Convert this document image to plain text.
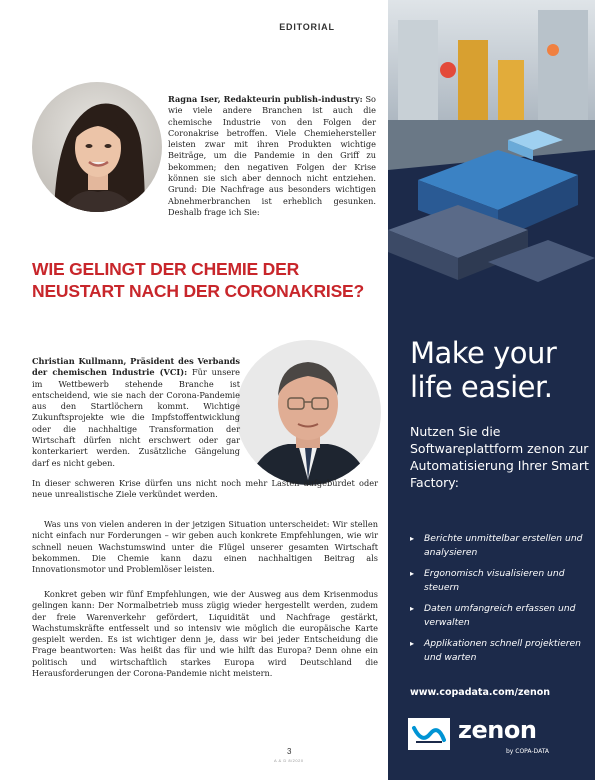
EDITORIAL
Ragna Iser, Redakteurin publish-industry: So wie viele andere Branchen ist auch die chemische Industrie von den Folgen der Coronakrise betroffen. Viele Chemiehersteller leisten zwar mit ihren Produkten wichtige Beiträge, um die Pandemie in den Griff zu bekommen; den negativen Folgen der Krise können sie sich aber dennoch nicht entziehen. Grund: Die Nachfrage aus besonders wichtigen Abnehmerbranchen ist erheblich gesunken. Deshalb frage ich Sie:
WIE GELINGT DER CHEMIE DER NEUSTART NACH DER CORONAKRISE?
Christian Kullmann, Präsident des Verbands der chemischen Industrie (VCI): Für unsere im Wettbewerb stehende Branche ist entscheidend, wie sie nach der Corona-Pandemie aus den Startlöchern kommt. Wichtige Zukunftsprojekte wie die Impfstoffentwicklung oder die nachhaltige Transformation der Wirtschaft dürfen nicht erschwert oder gar konterkariert werden. Zusätzliche Gängelung darf es nicht geben.
In dieser schweren Krise dürfen uns nicht noch mehr Lasten aufgebürdet oder neue unrealistische Ziele verkündet werden.
Was uns von vielen anderen in der jetzigen Situation unterscheidet: Wir stellen nicht einfach nur Forderungen – wir geben auch konkrete Empfehlungen, wie wir schnell neuen Wachstumswind unter die Flügel unserer gesamten Wirtschaft bekommen. Die Chemie kann dazu einen nachhaltigen Beitrag als Innovationsmotor und Problemlöser leisten.
Konkret geben wir fünf Empfehlungen, wie der Ausweg aus dem Krisenmodus gelingen kann: Der Normalbetrieb muss zügig wieder hergestellt werden, zudem der freie Warenverkehr gefördert, Liquidität und Nachfrage gestärkt, Wachstumskräfte entfesselt und so intensiv wie möglich die europäische Karte gespielt werden. Es ist wichtiger denn je, dass wir bei jeder Entscheidung die Frage beantworten: Was heißt das für und wie hilft das Europa? Denn ohne ein politisch und wirtschaftlich starkes Europa wird Deutschland die Herausforderungen der Corona-Pandemie nicht meistern.
3
A & D 8/2020
Make your life easier.
Nutzen Sie die Softwareplattform zenon zur Automatisierung Ihrer Smart Factory:
▸ Berichte unmittelbar erstellen und analysieren
▸ Ergonomisch visualisieren und steuern
▸ Daten umfangreich erfassen und verwalten
▸ Applikationen schnell projektieren und warten
www.copadata.com/zenon
zenon
by COPA-DATA
